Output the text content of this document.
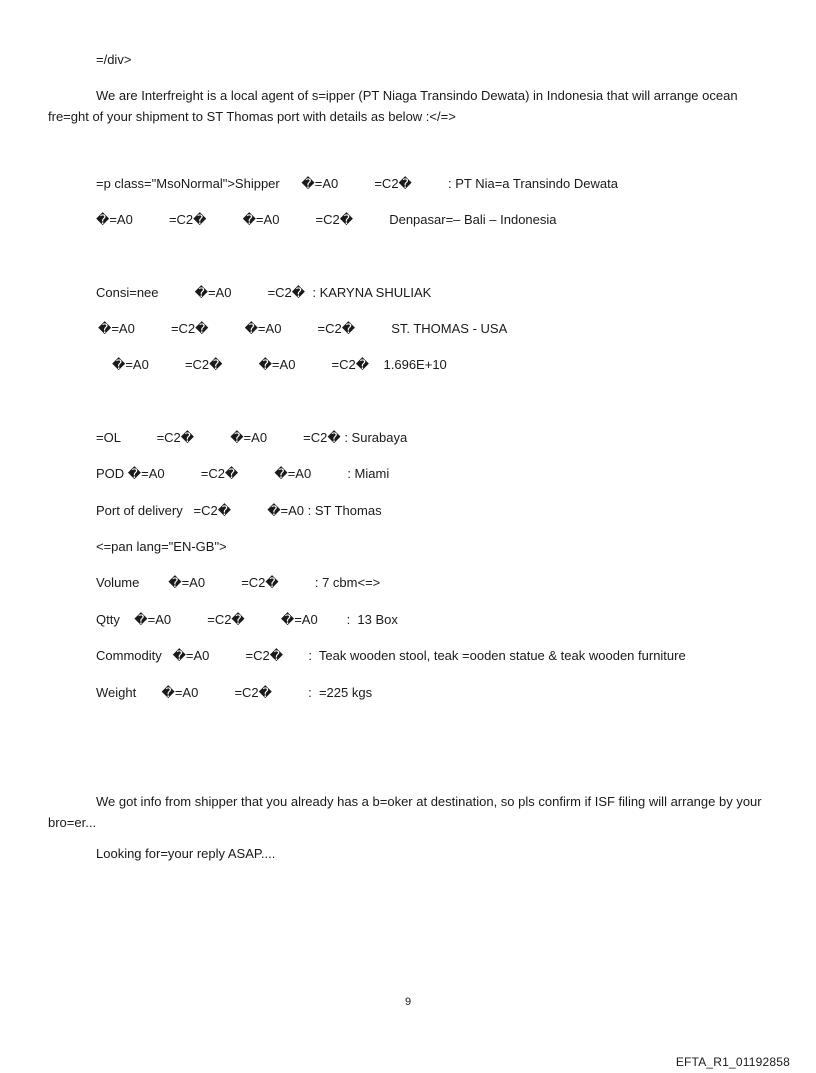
=/div>
We are Interfreight is a local agent of s=ipper (PT Niaga Transindo Dewata) in Indonesia that will arrange ocean fre=ght of your shipment to ST Thomas port with details as below :</=>
=p class="MsoNormal">Shipper      �=A0          =C2�          : PT Nia=a Transindo Dewata
�=A0          =C2�          �=A0          =C2�          Denpasar=– Bali – Indonesia
Consi=nee          �=A0          =C2�  : KARYNA SHULIAK
�=A0          =C2�          �=A0          =C2�          ST. THOMAS - USA
�=A0          =C2�          �=A0          =C2�    1.696E+10
=OL          =C2�          �=A0          =C2� : Surabaya
POD �=A0          =C2�          �=A0          : Miami
Port of delivery   =C2�          �=A0 : ST Thomas
<=pan lang="EN-GB">
Volume        �=A0          =C2�          : 7 cbm<=>
Qtty    �=A0          =C2�          �=A0        :  13 Box
Commodity   �=A0          =C2�       :  Teak wooden stool, teak =ooden statue & teak wooden furniture
Weight       �=A0          =C2�          :  =225 kgs
We got info from shipper that you already has a b=oker at destination, so pls confirm if ISF filing will arrange by your bro=er...
Looking for=your reply ASAP....
9
EFTA_R1_01192858
